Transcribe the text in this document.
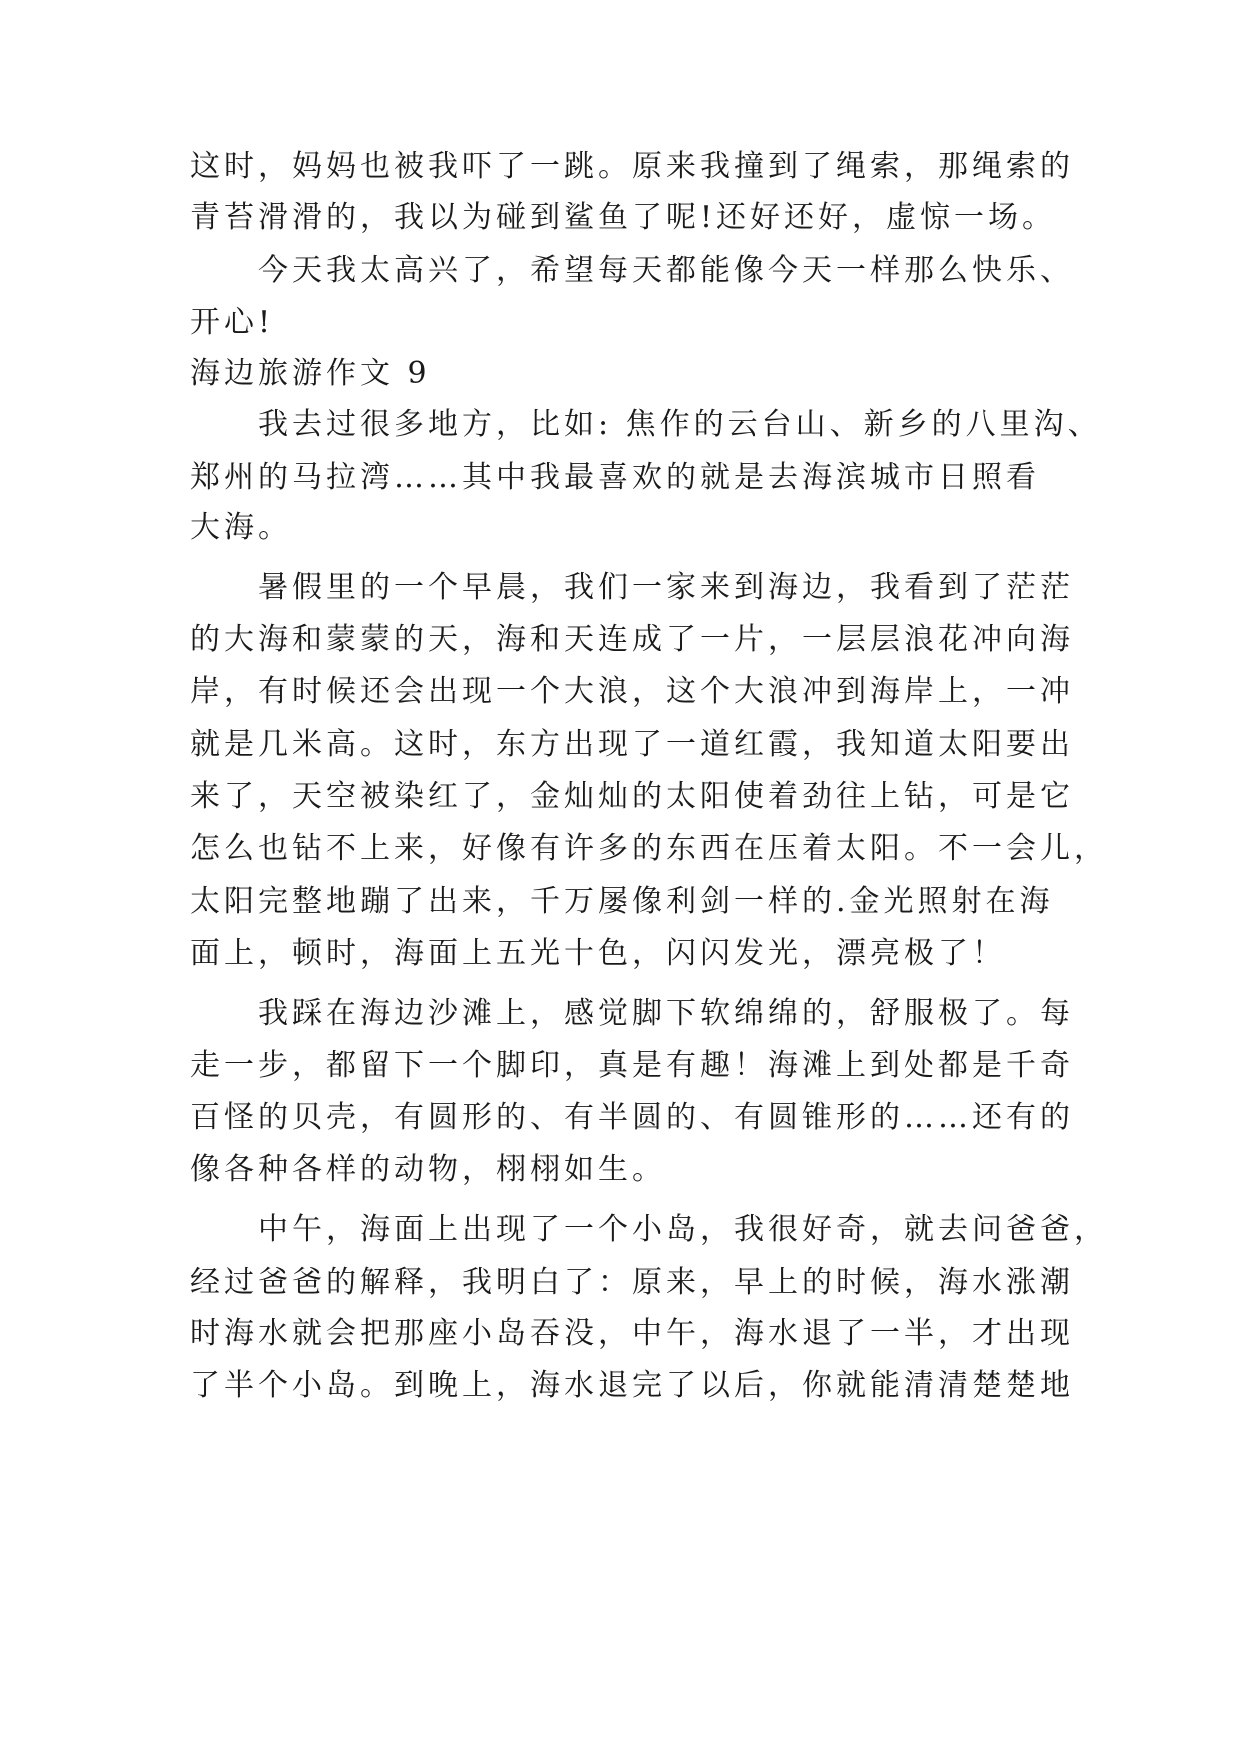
这时，妈妈也被我吓了一跳。原来我撞到了绳索，那绳索的
青苔滑滑的，我以为碰到鲨鱼了呢!还好还好，虚惊一场。
今天我太高兴了，希望每天都能像今天一样那么快乐、
开心!
海边旅游作文 9
我去过很多地方，比如: 焦作的云台山、新乡的八里沟、
郑州的马拉湾……其中我最喜欢的就是去海滨城市日照看
大海。
暑假里的一个早晨，我们一家来到海边，我看到了茫茫
的大海和蒙蒙的天，海和天连成了一片，一层层浪花冲向海
岸，有时候还会出现一个大浪，这个大浪冲到海岸上，一冲
就是几米高。这时，东方出现了一道红霞，我知道太阳要出
来了，天空被染红了，金灿灿的太阳使着劲往上钻，可是它
怎么也钻不上来，好像有许多的东西在压着太阳。不一会儿，
太阳完整地蹦了出来，千万屡像利剑一样的.金光照射在海
面上，顿时，海面上五光十色，闪闪发光，漂亮极了！
我踩在海边沙滩上，感觉脚下软绵绵的，舒服极了。每
走一步，都留下一个脚印，真是有趣！海滩上到处都是千奇
百怪的贝壳，有圆形的、有半圆的、有圆锥形的……还有的
像各种各样的动物，栩栩如生。
中午，海面上出现了一个小岛，我很好奇，就去问爸爸，
经过爸爸的解释，我明白了：原来，早上的时候，海水涨潮
时海水就会把那座小岛吞没，中午，海水退了一半，才出现
了半个小岛。到晚上，海水退完了以后，你就能清清楚楚地
